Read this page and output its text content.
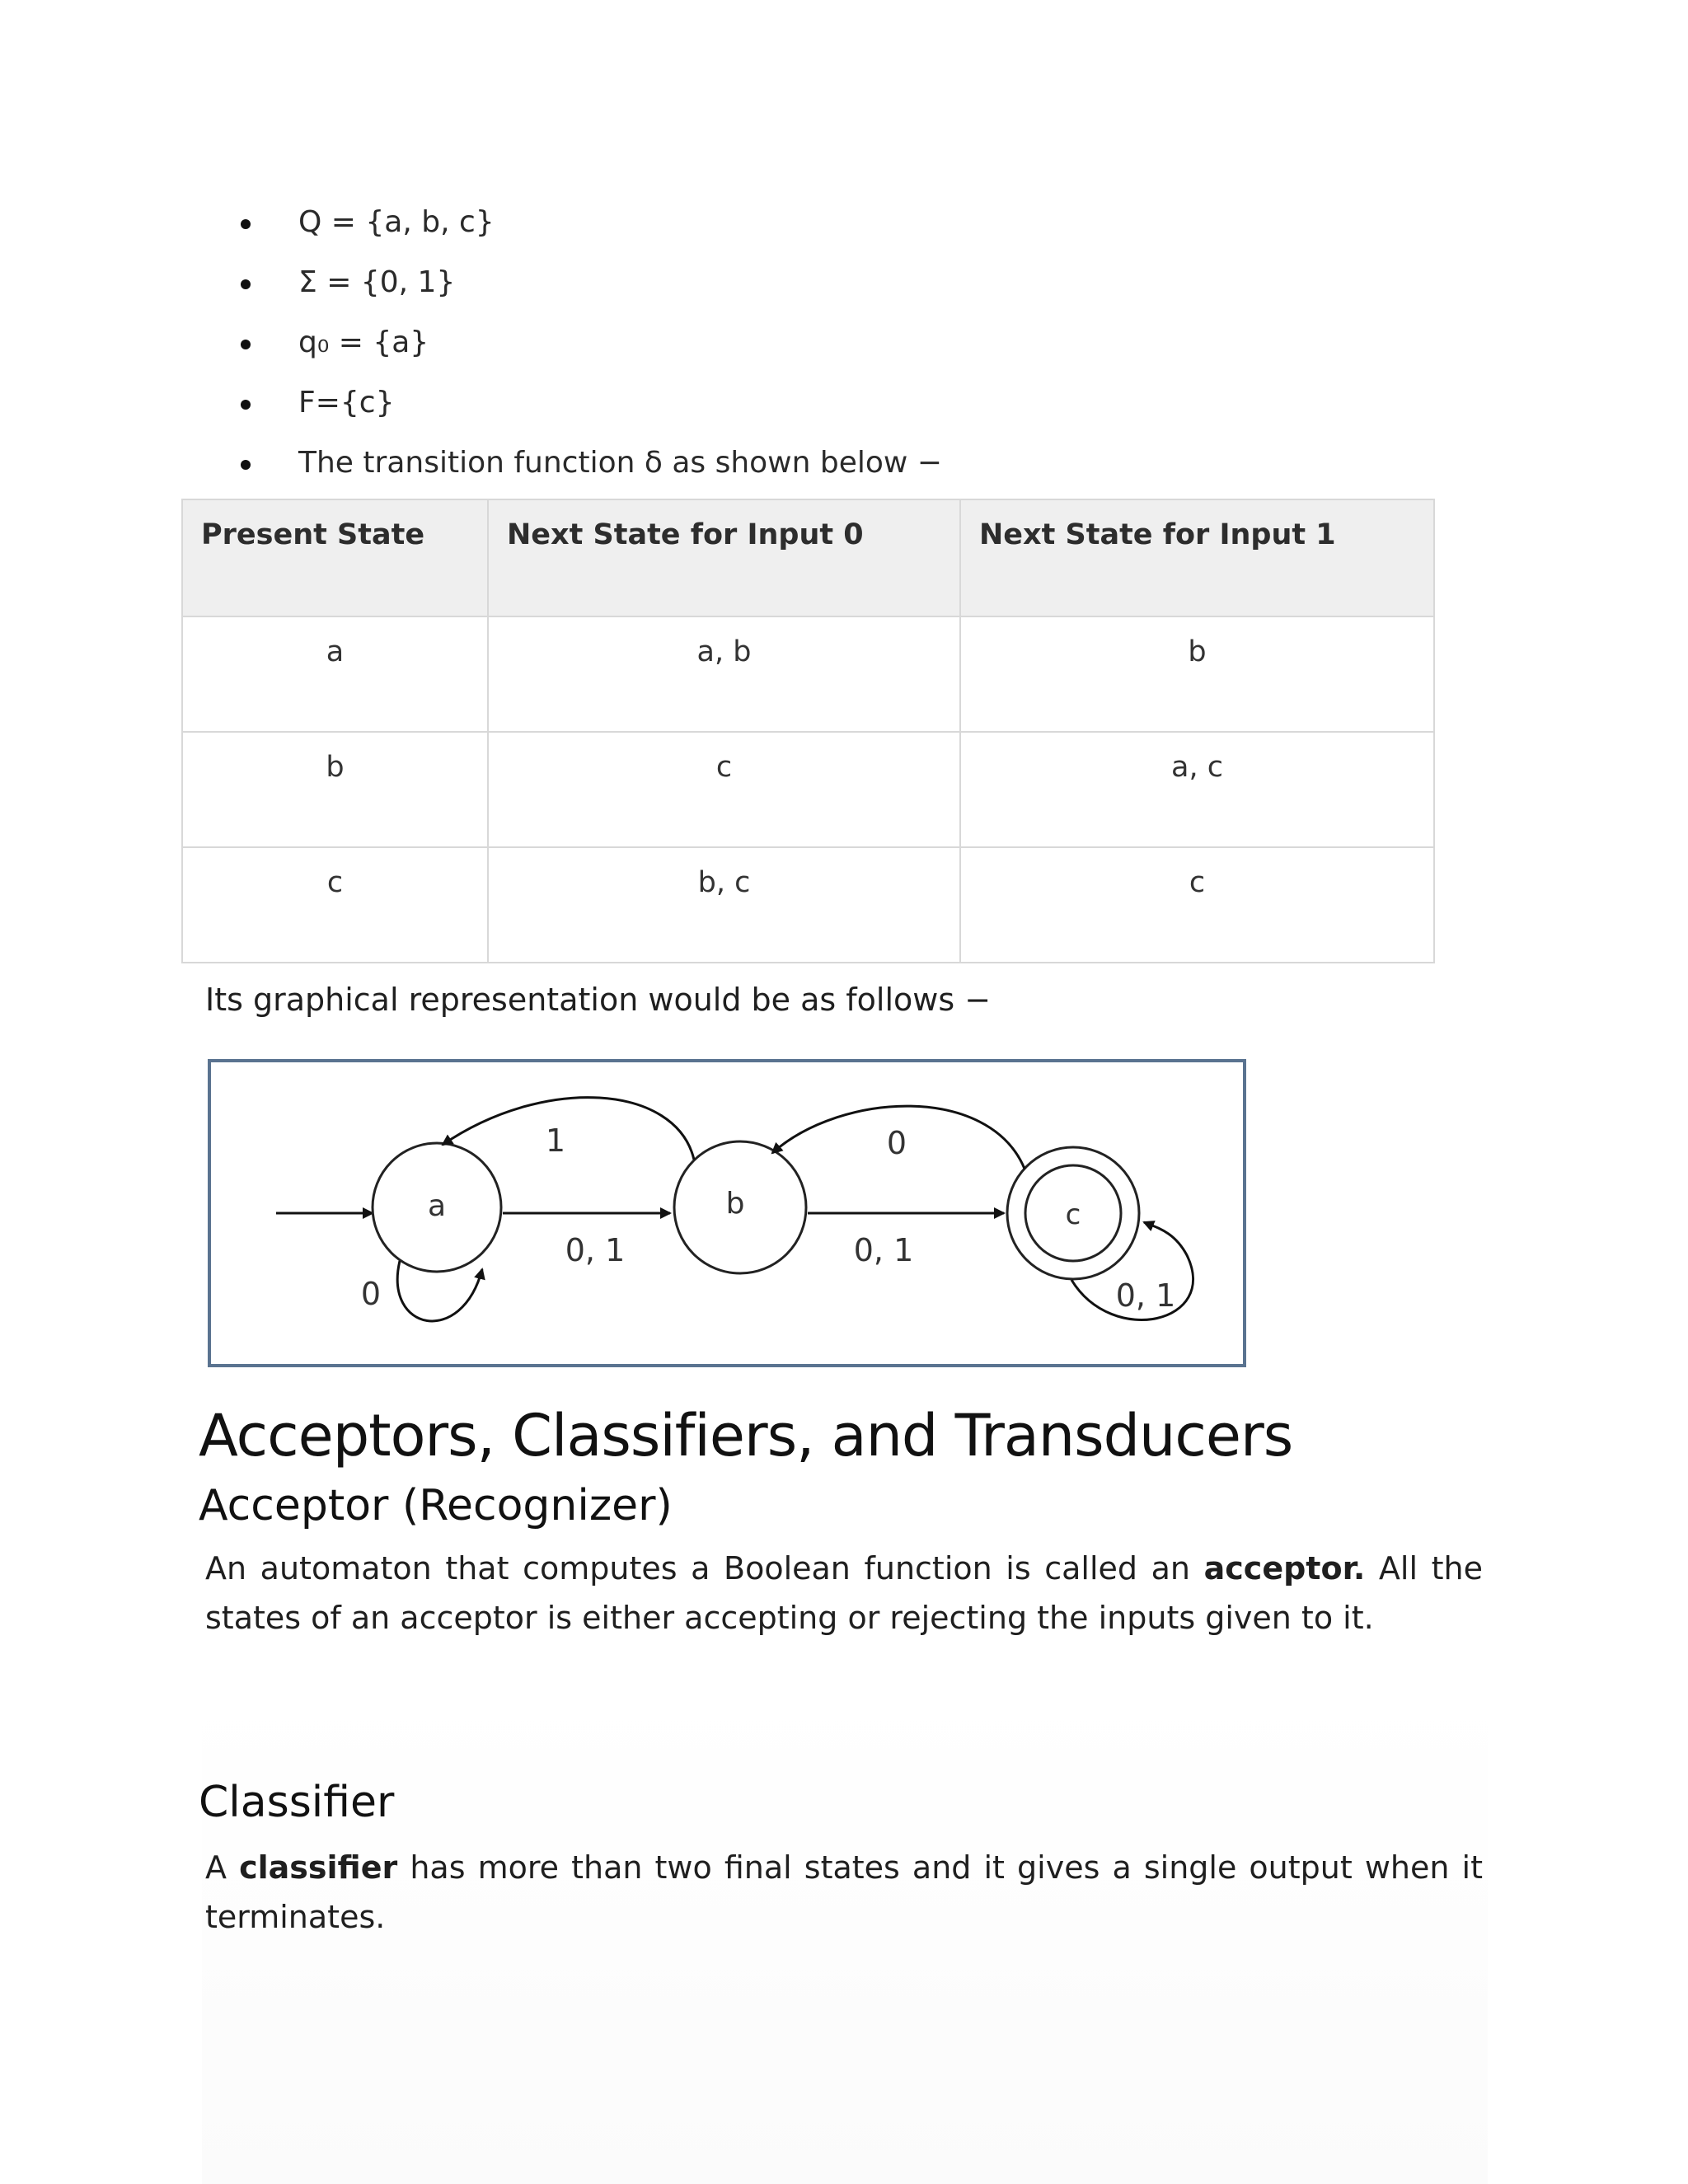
Q = {a, b, c}
Σ = {0, 1}
q₀ = {a}
F={c}
The transition function δ as shown below −
Present State	Next State for Input 0	Next State for Input 1
a	a, b	b
b	c	a, c
c	b, c	c
Its graphical representation would be as follows −
a	b	c
0, 1	0, 1
1	0
0	0, 1
Acceptors, Classifiers, and Transducers
Acceptor (Recognizer)
An automaton that computes a Boolean function is called an acceptor. All the states of an acceptor is either accepting or rejecting the inputs given to it.
Classifier
A classifier has more than two final states and it gives a single output when it terminates.
